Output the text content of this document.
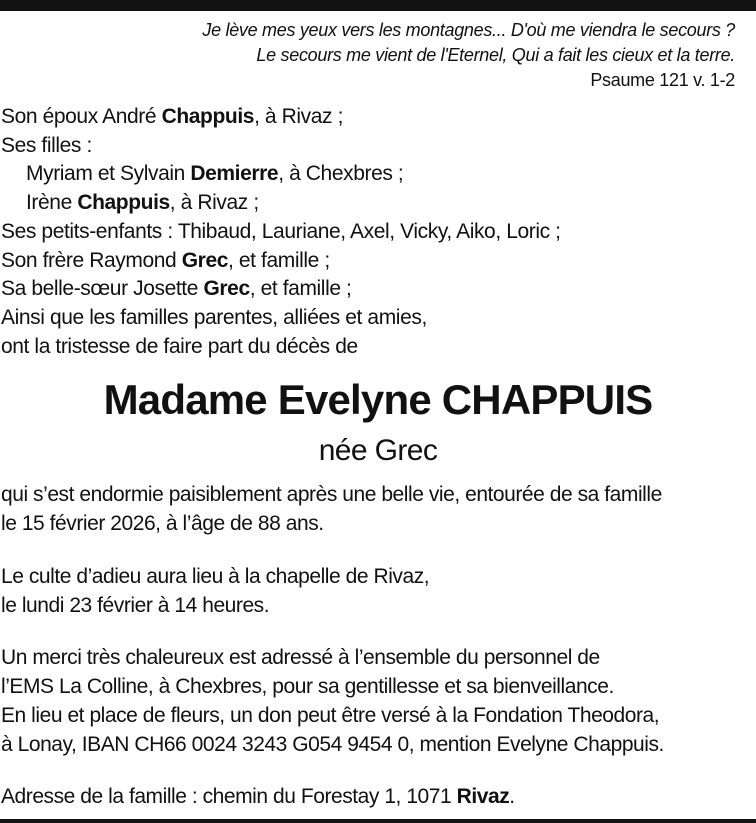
Je lève mes yeux vers les montagnes... D'où me viendra le secours ?
Le secours me vient de l'Eternel, Qui a fait les cieux et la terre.
Psaume 121 v. 1-2
Son époux André Chappuis, à Rivaz ;
Ses filles :
Myriam et Sylvain Demierre, à Chexbres ;
Irène Chappuis, à Rivaz ;
Ses petits-enfants : Thibaud, Lauriane, Axel, Vicky, Aiko, Loric ;
Son frère Raymond Grec, et famille ;
Sa belle-sœur Josette Grec, et famille ;
Ainsi que les familles parentes, alliées et amies,
ont la tristesse de faire part du décès de
Madame Evelyne CHAPPUIS
née Grec
qui s’est endormie paisiblement après une belle vie, entourée de sa famille
le 15 février 2026, à l’âge de 88 ans.
Le culte d’adieu aura lieu à la chapelle de Rivaz,
le lundi 23 février à 14 heures.
Un merci très chaleureux est adressé à l’ensemble du personnel de
l’EMS La Colline, à Chexbres, pour sa gentillesse et sa bienveillance.
En lieu et place de fleurs, un don peut être versé à la Fondation Theodora,
à Lonay, IBAN CH66 0024 3243 G054 9454 0, mention Evelyne Chappuis.
Adresse de la famille : chemin du Forestay 1, 1071 Rivaz.
